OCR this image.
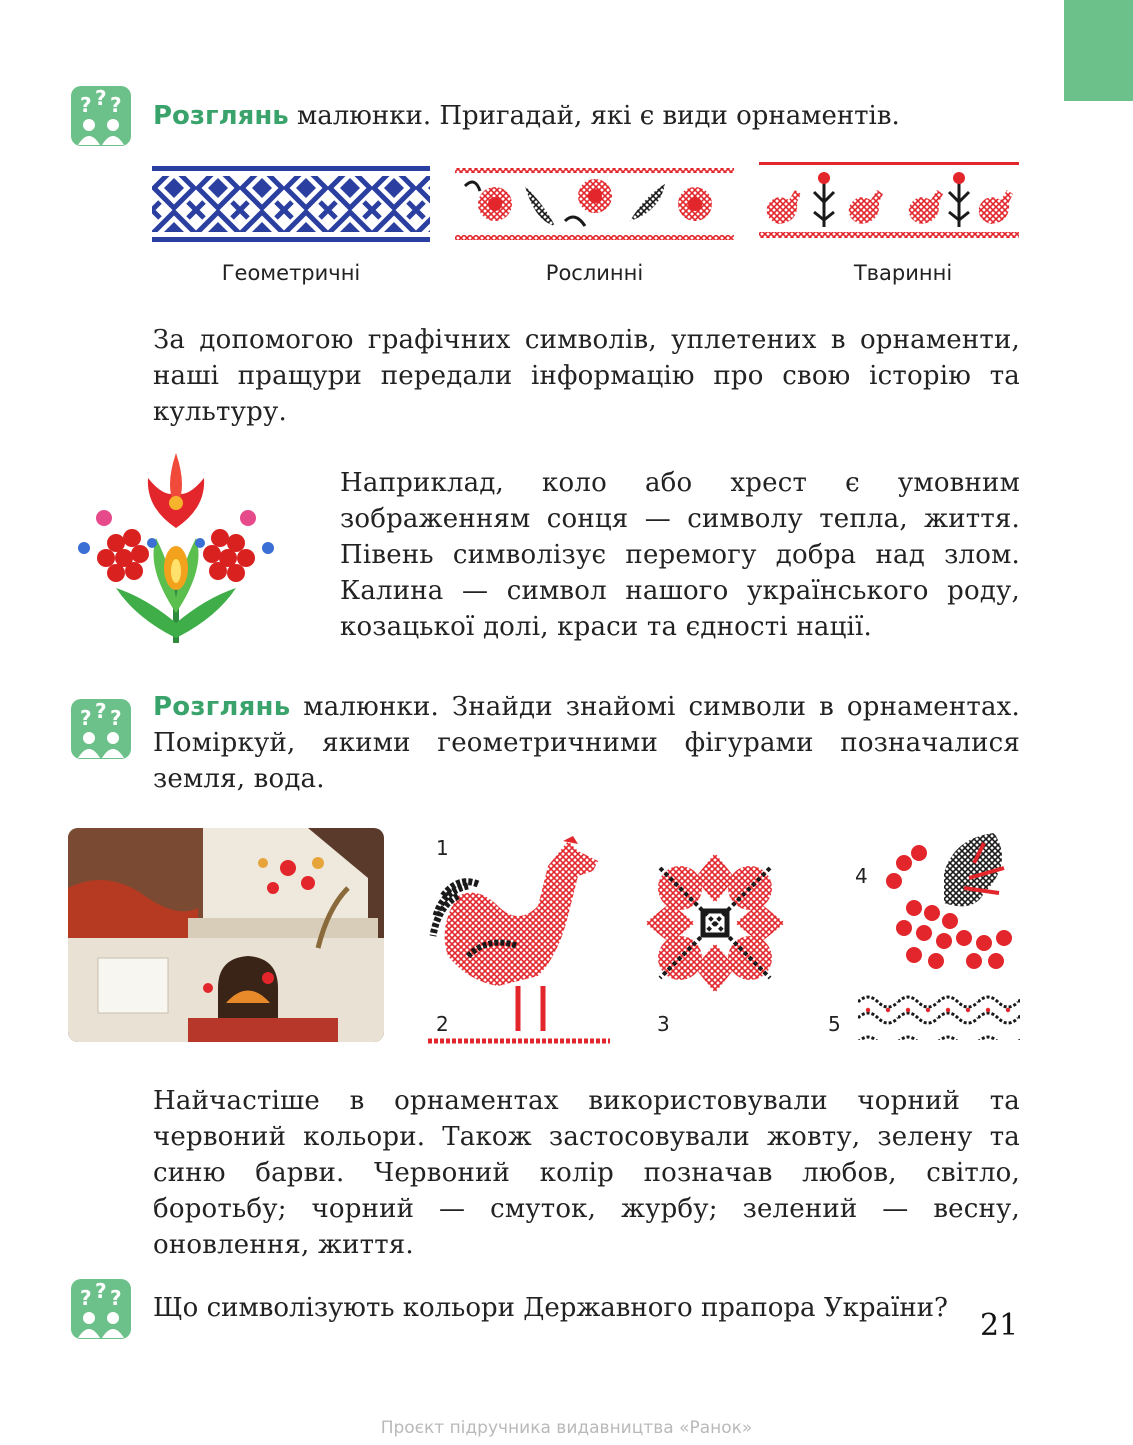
? ? ? Розглянь малюнки. Пригадай, які є види орнаментів.
Геометричні	Рослинні	Тваринні
За допомогою графічних символів, уплетених в орнаменти, наші пращури передали інформацію про свою історію та культуру.
Наприклад, коло або хрест є умовним зображенням сонця — символу тепла, життя. Півень символізує перемогу добра над злом. Калина — символ нашого українського роду, козацької долі, краси та єдності нації.
? ? ? Розглянь малюнки. Знайди знайомі символи в орнаментах. Поміркуй, якими геометричними фігурами позначалися земля, вода.
1
2	3
4
5
Найчастіше в орнаментах використовували чорний та червоний кольори. Також застосовували жовту, зелену та синю барви. Червоний колір позначав любов, світло, боротьбу; чорний — смуток, журбу; зелений — весну, оновлення, життя.
? ? ? Що символізують кольори Державного прапора України?	21
Проєкт підручника видавництва «Ранок»
